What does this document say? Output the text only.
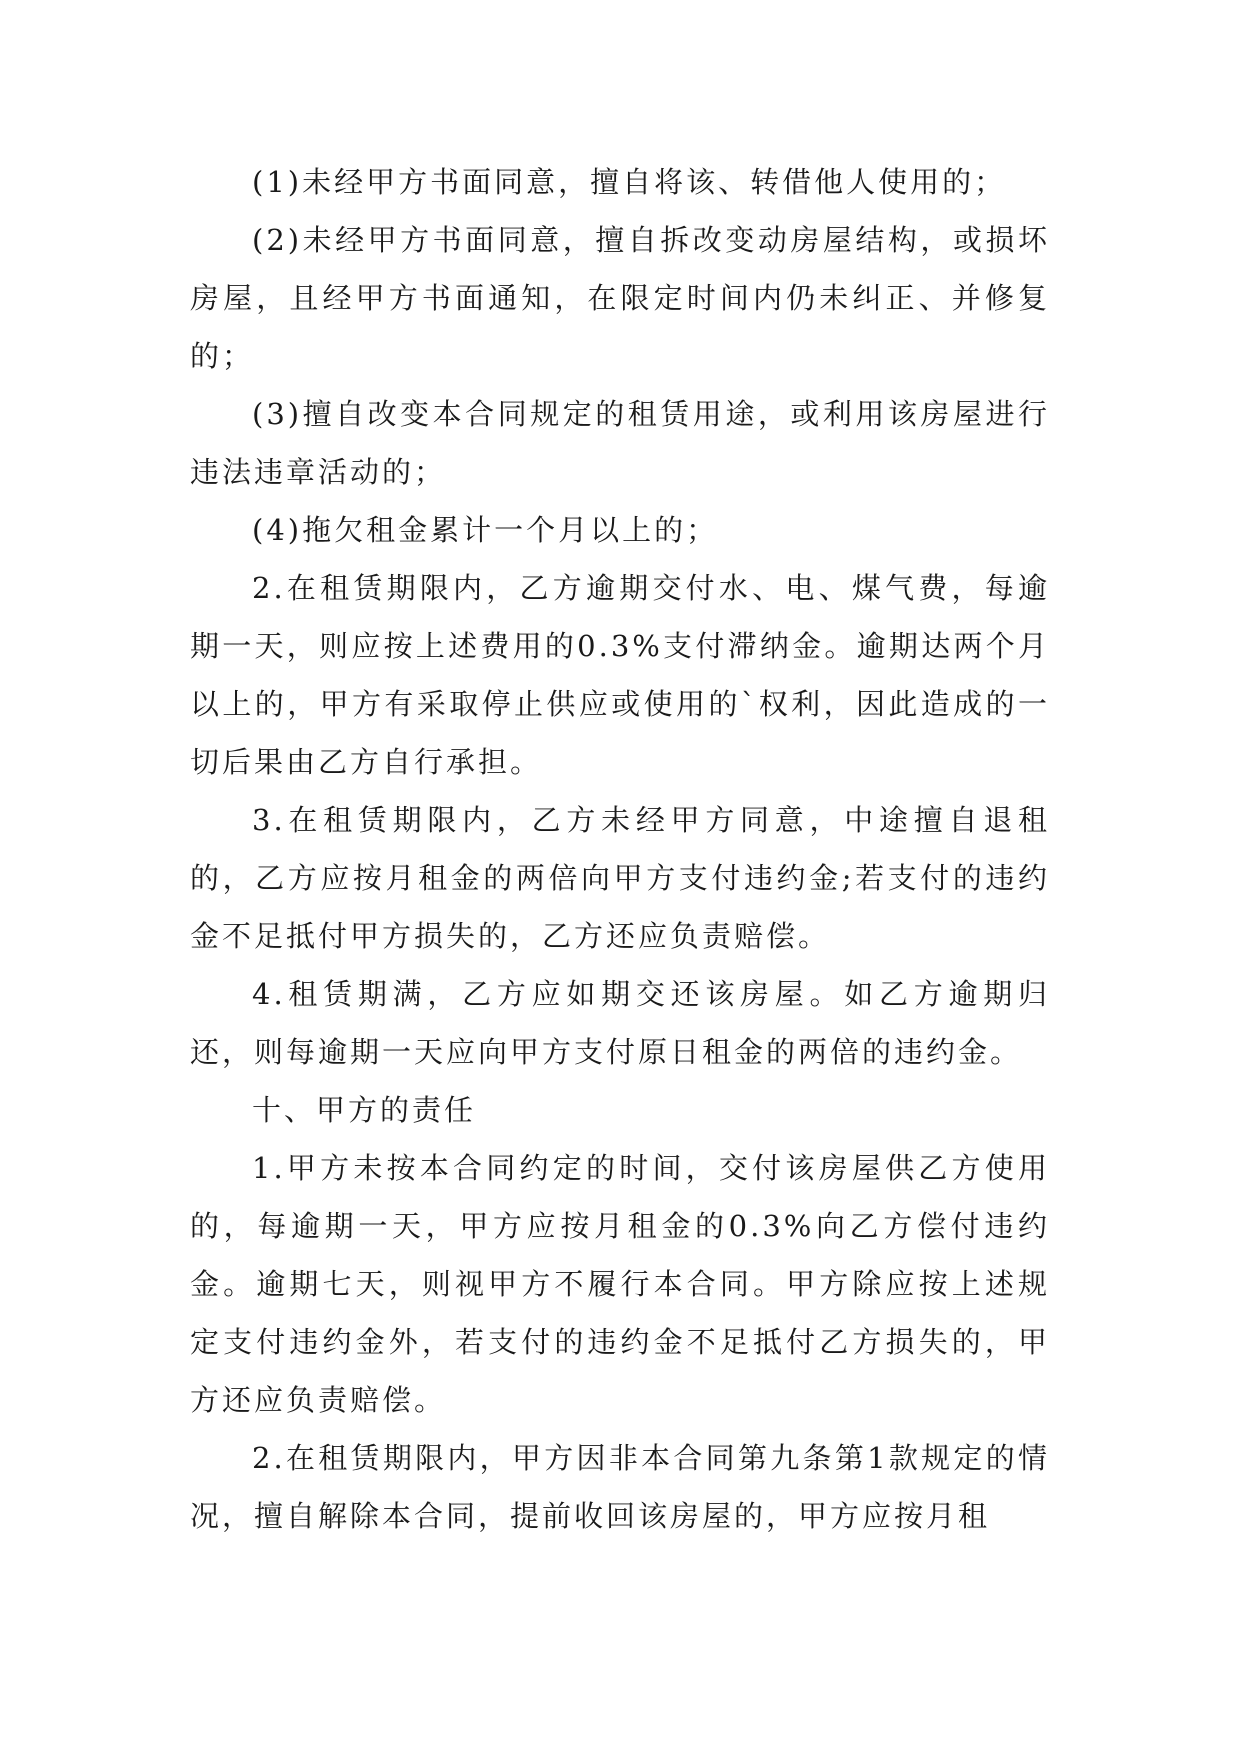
(1)未经甲方书面同意，擅自将该、转借他人使用的；

(2)未经甲方书面同意，擅自拆改变动房屋结构，或损坏房屋，且经甲方书面通知，在限定时间内仍未纠正、并修复的；

(3)擅自改变本合同规定的租赁用途，或利用该房屋进行违法违章活动的；

(4)拖欠租金累计一个月以上的；

2.在租赁期限内，乙方逾期交付水、电、煤气费，每逾期一天，则应按上述费用的0.3%支付滞纳金。逾期达两个月以上的，甲方有采取停止供应或使用的`权利，因此造成的一切后果由乙方自行承担。

3.在租赁期限内，乙方未经甲方同意，中途擅自退租的，乙方应按月租金的两倍向甲方支付违约金;若支付的违约金不足抵付甲方损失的，乙方还应负责赔偿。

4.租赁期满，乙方应如期交还该房屋。如乙方逾期归还，则每逾期一天应向甲方支付原日租金的两倍的违约金。

十、甲方的责任

1.甲方未按本合同约定的时间，交付该房屋供乙方使用的，每逾期一天，甲方应按月租金的0.3%向乙方偿付违约金。逾期七天，则视甲方不履行本合同。甲方除应按上述规定支付违约金外，若支付的违约金不足抵付乙方损失的，甲方还应负责赔偿。

2.在租赁期限内，甲方因非本合同第九条第1款规定的情况，擅自解除本合同，提前收回该房屋的，甲方应按月租
